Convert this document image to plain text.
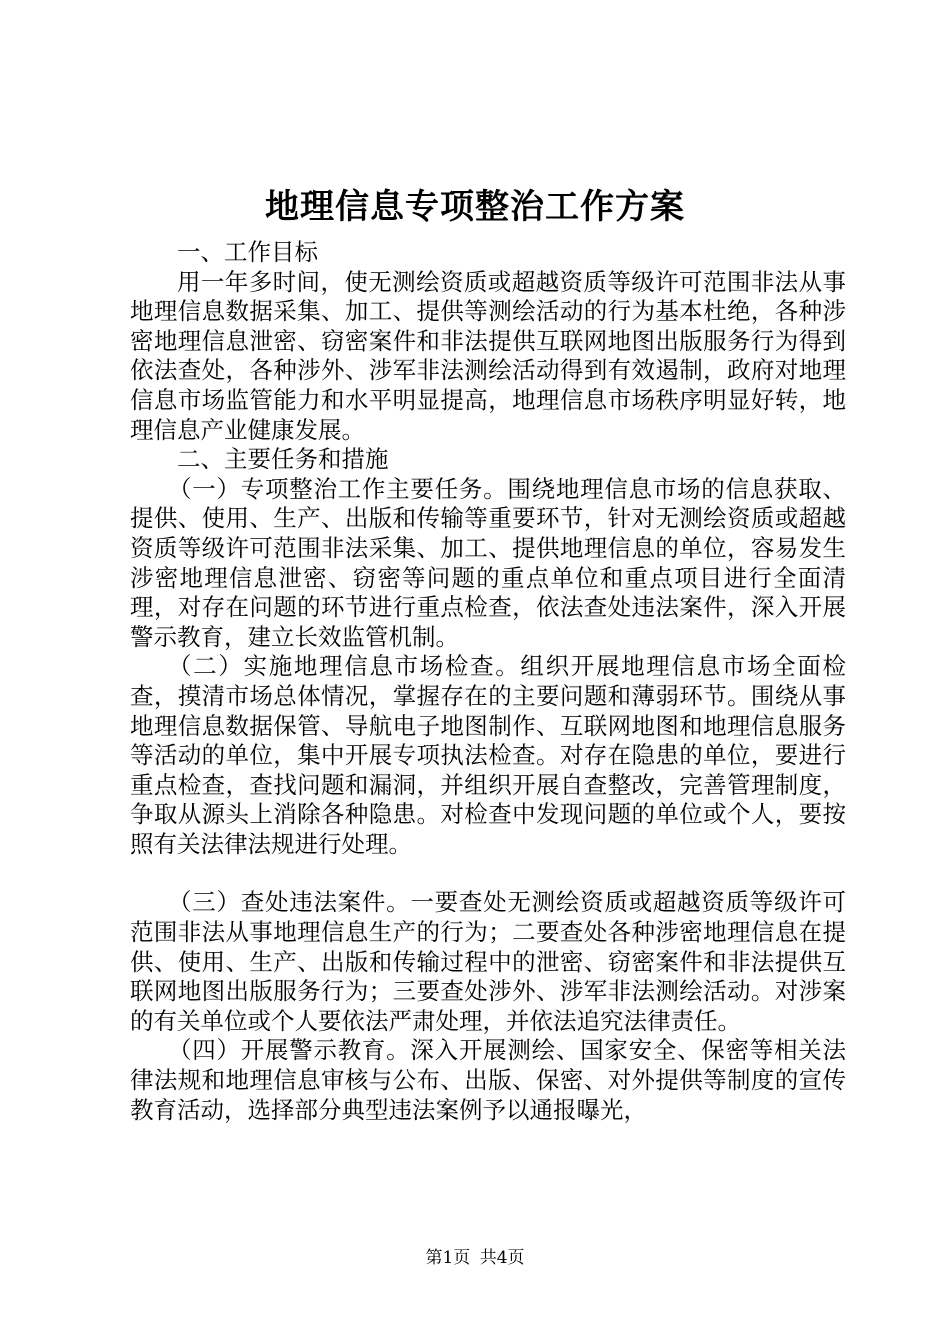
地理信息专项整治工作方案

一、工作目标

用一年多时间，使无测绘资质或超越资质等级许可范围非法从事地理信息数据采集、加工、提供等测绘活动的行为基本杜绝，各种涉密地理信息泄密、窃密案件和非法提供互联网地图出版服务行为得到依法查处，各种涉外、涉军非法测绘活动得到有效遏制，政府对地理信息市场监管能力和水平明显提高，地理信息市场秩序明显好转，地理信息产业健康发展。

二、主要任务和措施

（一）专项整治工作主要任务。围绕地理信息市场的信息获取、提供、使用、生产、出版和传输等重要环节，针对无测绘资质或超越资质等级许可范围非法采集、加工、提供地理信息的单位，容易发生涉密地理信息泄密、窃密等问题的重点单位和重点项目进行全面清理，对存在问题的环节进行重点检查，依法查处违法案件，深入开展警示教育，建立长效监管机制。

（二）实施地理信息市场检查。组织开展地理信息市场全面检查，摸清市场总体情况，掌握存在的主要问题和薄弱环节。围绕从事地理信息数据保管、导航电子地图制作、互联网地图和地理信息服务等活动的单位，集中开展专项执法检查。对存在隐患的单位，要进行重点检查，查找问题和漏洞，并组织开展自查整改，完善管理制度，争取从源头上消除各种隐患。对检查中发现问题的单位或个人，要按照有关法律法规进行处理。

（三）查处违法案件。一要查处无测绘资质或超越资质等级许可范围非法从事地理信息生产的行为；二要查处各种涉密地理信息在提供、使用、生产、出版和传输过程中的泄密、窃密案件和非法提供互联网地图出版服务行为；三要查处涉外、涉军非法测绘活动。对涉案的有关单位或个人要依法严肃处理，并依法追究法律责任。

（四）开展警示教育。深入开展测绘、国家安全、保密等相关法律法规和地理信息审核与公布、出版、保密、对外提供等制度的宣传教育活动，选择部分典型违法案例予以通报曝光，

第1页 共4页
